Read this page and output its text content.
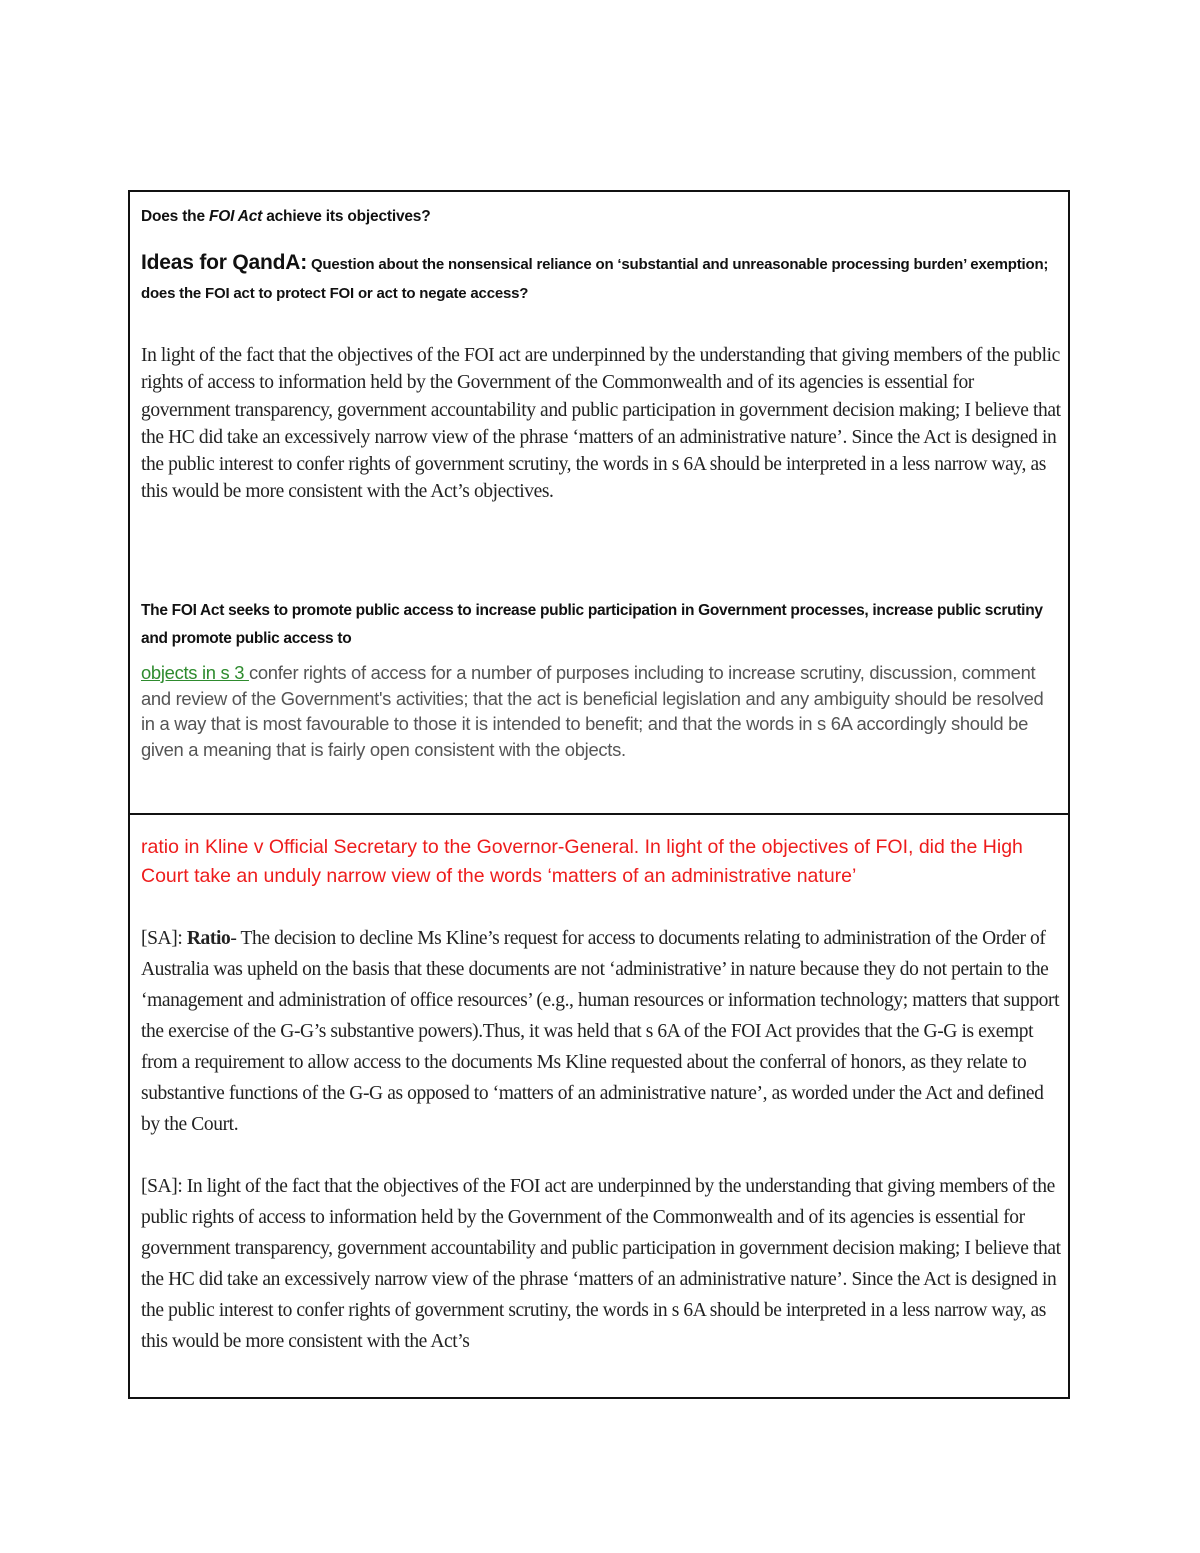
Does the FOI Act achieve its objectives?
Ideas for QandA: Question about the nonsensical reliance on ‘substantial and unreasonable processing burden’ exemption; does the FOI act to protect FOI or act to negate access?
In light of the fact that the objectives of the FOI act are underpinned by the understanding that giving members of the public rights of access to information held by the Government of the Commonwealth and of its agencies is essential for government transparency, government accountability and public participation in government decision making; I believe that the HC did take an excessively narrow view of the phrase ‘matters of an administrative nature’. Since the Act is designed in the public interest to confer rights of government scrutiny, the words in s 6A should be interpreted in a less narrow way, as this would be more consistent with the Act’s objectives.
The FOI Act seeks to promote public access to increase public participation in Government processes, increase public scrutiny and promote public access to
objects in s 3 confer rights of access for a number of purposes including to increase scrutiny, discussion, comment and review of the Government's activities; that the act is beneficial legislation and any ambiguity should be resolved in a way that is most favourable to those it is intended to benefit; and that the words in s 6A accordingly should be given a meaning that is fairly open consistent with the objects.
ratio in Kline v Official Secretary to the Governor-General. In light of the objectives of FOI, did the High Court take an unduly narrow view of the words ‘matters of an administrative nature’
[SA]: Ratio- The decision to decline Ms Kline’s request for access to documents relating to administration of the Order of Australia was upheld on the basis that these documents are not ‘administrative’ in nature because they do not pertain to the ‘management and administration of office resources’ (e.g., human resources or information technology; matters that support the exercise of the G-G’s substantive powers).Thus, it was held that s 6A of the FOI Act provides that the G-G is exempt from a requirement to allow access to the documents Ms Kline requested about the conferral of honors, as they relate to substantive functions of the G-G as opposed to ‘matters of an administrative nature’, as worded under the Act and defined by the Court.
[SA]: In light of the fact that the objectives of the FOI act are underpinned by the understanding that giving members of the public rights of access to information held by the Government of the Commonwealth and of its agencies is essential for government transparency, government accountability and public participation in government decision making; I believe that the HC did take an excessively narrow view of the phrase ‘matters of an administrative nature’. Since the Act is designed in the public interest to confer rights of government scrutiny, the words in s 6A should be interpreted in a less narrow way, as this would be more consistent with the Act’s
